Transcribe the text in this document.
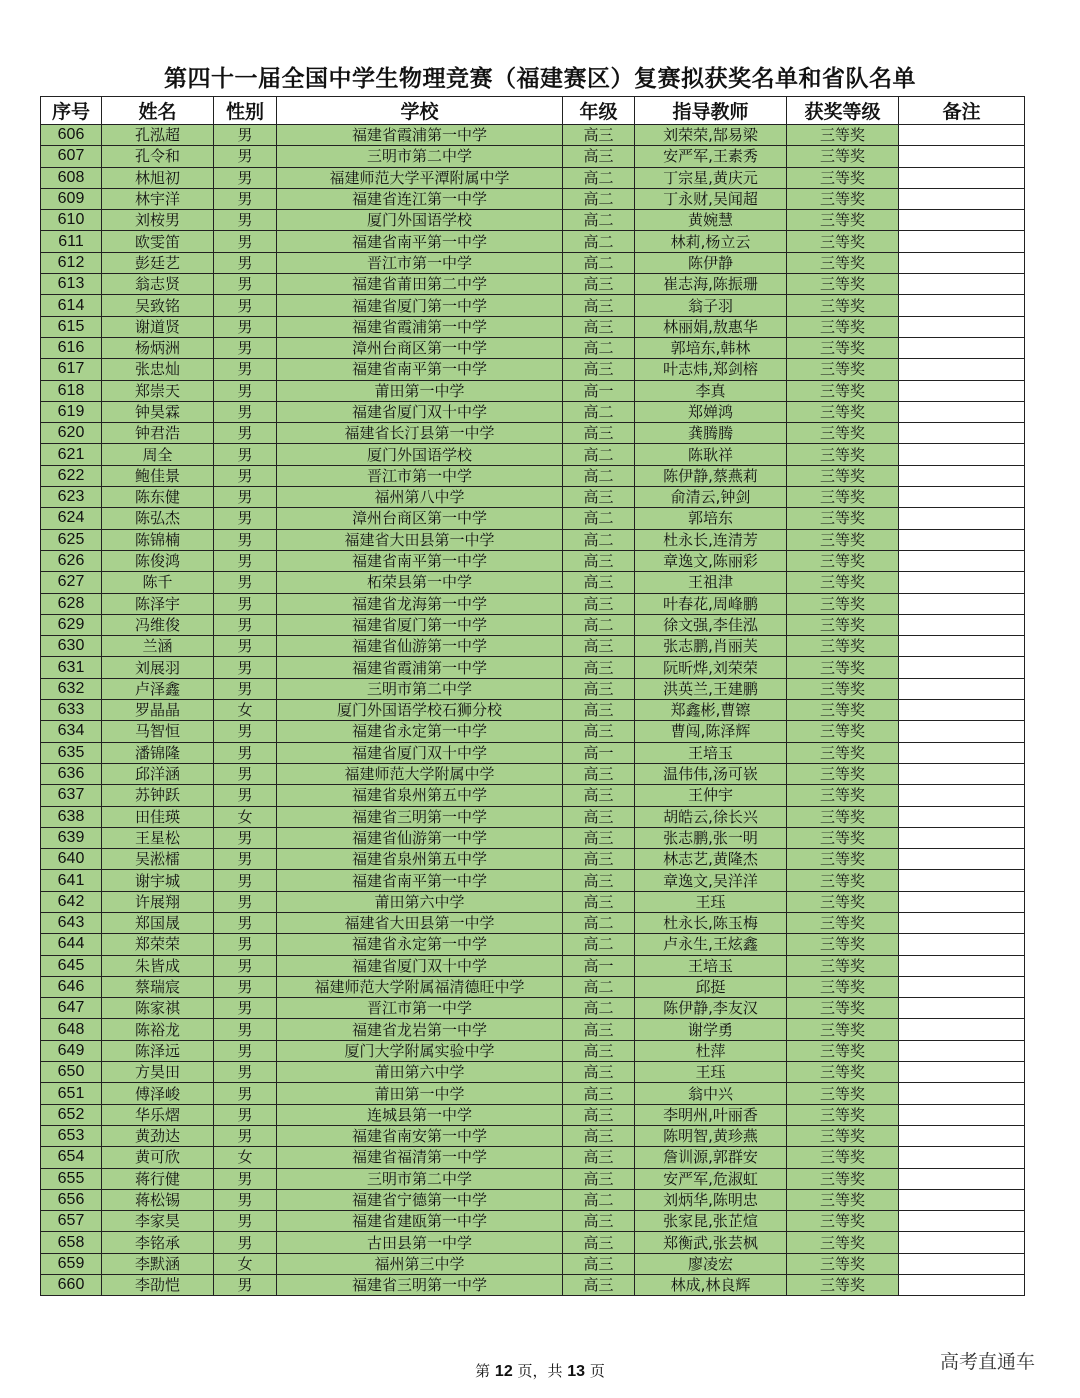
第四十一届全国中学生物理竞赛（福建赛区）复赛拟获奖名单和省队名单
序号	姓名	性别	学校	年级	指导教师	获奖等级	备注
606	孔泓超	男	福建省霞浦第一中学	高三	刘荣荣,郜易梁	三等奖	
607	孔令和	男	三明市第二中学	高三	安严军,王素秀	三等奖	
608	林旭初	男	福建师范大学平潭附属中学	高二	丁宗星,黄庆元	三等奖	
609	林宇洋	男	福建省连江第一中学	高二	丁永财,吴闻超	三等奖	
610	刘桉男	男	厦门外国语学校	高二	黄婉慧	三等奖	
611	欧雯笛	男	福建省南平第一中学	高二	林莉,杨立云	三等奖	
612	彭廷艺	男	晋江市第一中学	高二	陈伊静	三等奖	
613	翁志贤	男	福建省莆田第二中学	高三	崔志海,陈振珊	三等奖	
614	吴致铭	男	福建省厦门第一中学	高三	翁子羽	三等奖	
615	谢道贤	男	福建省霞浦第一中学	高三	林丽娟,敖惠华	三等奖	
616	杨炳洲	男	漳州台商区第一中学	高二	郭培东,韩林	三等奖	
617	张忠灿	男	福建省南平第一中学	高三	叶志炜,郑剑榕	三等奖	
618	郑崇天	男	莆田第一中学	高一	李真	三等奖	
619	钟昊霖	男	福建省厦门双十中学	高二	郑婵鸿	三等奖	
620	钟君浩	男	福建省长汀县第一中学	高三	龚腾腾	三等奖	
621	周全	男	厦门外国语学校	高二	陈耿祥	三等奖	
622	鲍佳景	男	晋江市第一中学	高二	陈伊静,蔡燕莉	三等奖	
623	陈东健	男	福州第八中学	高三	俞清云,钟剑	三等奖	
624	陈弘杰	男	漳州台商区第一中学	高二	郭培东	三等奖	
625	陈锦楠	男	福建省大田县第一中学	高二	杜永长,连清芳	三等奖	
626	陈俊鸿	男	福建省南平第一中学	高三	章逸文,陈丽彩	三等奖	
627	陈千	男	柘荣县第一中学	高三	王祖津	三等奖	
628	陈泽宇	男	福建省龙海第一中学	高三	叶春花,周峰鹏	三等奖	
629	冯维俊	男	福建省厦门第一中学	高二	徐文强,李佳泓	三等奖	
630	兰涵	男	福建省仙游第一中学	高三	张志鹏,肖丽芙	三等奖	
631	刘展羽	男	福建省霞浦第一中学	高三	阮昕烨,刘荣荣	三等奖	
632	卢泽鑫	男	三明市第二中学	高三	洪英兰,王建鹏	三等奖	
633	罗晶晶	女	厦门外国语学校石狮分校	高三	郑鑫彬,曹镲	三等奖	
634	马智恒	男	福建省永定第一中学	高三	曹闯,陈泽辉	三等奖	
635	潘锦隆	男	福建省厦门双十中学	高一	王培玉	三等奖	
636	邱洋涵	男	福建师范大学附属中学	高三	温伟伟,汤可嵚	三等奖	
637	苏钟跃	男	福建省泉州第五中学	高三	王仲宇	三等奖	
638	田佳瑛	女	福建省三明第一中学	高三	胡皓云,徐长兴	三等奖	
639	王星松	男	福建省仙游第一中学	高三	张志鹏,张一明	三等奖	
640	吴淞檑	男	福建省泉州第五中学	高三	林志艺,黄隆杰	三等奖	
641	谢宇城	男	福建省南平第一中学	高三	章逸文,吴洋洋	三等奖	
642	许展翔	男	莆田第六中学	高三	王珏	三等奖	
643	郑国晟	男	福建省大田县第一中学	高二	杜永长,陈玉梅	三等奖	
644	郑荣荣	男	福建省永定第一中学	高二	卢永生,王炫鑫	三等奖	
645	朱皆成	男	福建省厦门双十中学	高一	王培玉	三等奖	
646	蔡瑞宸	男	福建师范大学附属福清德旺中学	高二	邱挺	三等奖	
647	陈家祺	男	晋江市第一中学	高二	陈伊静,李友汉	三等奖	
648	陈裕龙	男	福建省龙岩第一中学	高三	谢学勇	三等奖	
649	陈泽远	男	厦门大学附属实验中学	高三	杜萍	三等奖	
650	方昊田	男	莆田第六中学	高三	王珏	三等奖	
651	傅泽峻	男	莆田第一中学	高三	翁中兴	三等奖	
652	华乐熠	男	连城县第一中学	高三	李明州,叶丽香	三等奖	
653	黄劲达	男	福建省南安第一中学	高三	陈明智,黄珍燕	三等奖	
654	黄可欣	女	福建省福清第一中学	高三	詹训源,郭群安	三等奖	
655	蒋行健	男	三明市第二中学	高三	安严军,危淑虹	三等奖	
656	蒋松锡	男	福建省宁德第一中学	高二	刘炳华,陈明忠	三等奖	
657	李家昊	男	福建省建瓯第一中学	高三	张家昆,张芷煊	三等奖	
658	李铭承	男	古田县第一中学	高三	郑衡武,张芸枫	三等奖	
659	李默涵	女	福州第三中学	高三	廖凌宏	三等奖	
660	李劭恺	男	福建省三明第一中学	高三	林成,林良辉	三等奖	
第 12 页，共 13 页	高考直通车
